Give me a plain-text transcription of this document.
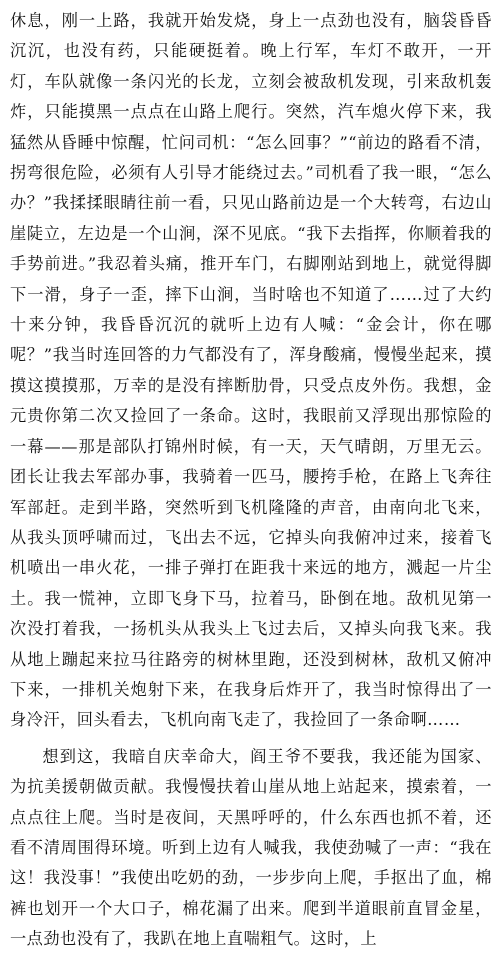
休息，刚一上路，我就开始发烧，身上一点劲也没有，脑袋昏昏沉沉，也没有药，只能硬挺着。晚上行军，车灯不敢开，一开灯，车队就像一条闪光的长龙，立刻会被敌机发现，引来敌机轰炸，只能摸黑一点点在山路上爬行。突然，汽车熄火停下来，我猛然从昏睡中惊醒，忙问司机：“怎么回事？”“前边的路看不清，拐弯很危险，必须有人引导才能绕过去。”司机看了我一眼，“怎么办？”我揉揉眼睛往前一看，只见山路前边是一个大转弯，右边山崖陡立，左边是一个山涧，深不见底。“我下去指挥，你顺着我的手势前进。”我忍着头痛，推开车门，右脚刚站到地上，就觉得脚下一滑，身子一歪，摔下山涧，当时啥也不知道了……过了大约十来分钟，我昏昏沉沉的就听上边有人喊：“金会计，你在哪呢？”我当时连回答的力气都没有了，浑身酸痛，慢慢坐起来，摸摸这摸摸那，万幸的是没有摔断肋骨，只受点皮外伤。我想，金元贵你第二次又捡回了一条命。这时，我眼前又浮现出那惊险的一幕——那是部队打锦州时候，有一天，天气晴朗，万里无云。团长让我去军部办事，我骑着一匹马，腰挎手枪，在路上飞奔往军部赶。走到半路，突然听到飞机隆隆的声音，由南向北飞来，从我头顶呼啸而过，飞出去不远，它掉头向我俯冲过来，接着飞机喷出一串火花，一排子弹打在距我十来远的地方，溅起一片尘土。我一慌神，立即飞身下马，拉着马，卧倒在地。敌机见第一次没打着我，一扬机头从我头上飞过去后，又掉头向我飞来。我从地上蹦起来拉马往路旁的树林里跑，还没到树林，敌机又俯冲下来，一排机关炮射下来，在我身后炸开了，我当时惊得出了一身冷汗，回头看去，飞机向南飞走了，我捡回了一条命啊……

想到这，我暗自庆幸命大，阎王爷不要我，我还能为国家、为抗美援朝做贡献。我慢慢扶着山崖从地上站起来，摸索着，一点点往上爬。当时是夜间，天黑呼呼的，什么东西也抓不着，还看不清周围得环境。听到上边有人喊我，我使劲喊了一声：“我在这！我没事！”我使出吃奶的劲，一步步向上爬，手抠出了血，棉裤也划开一个大口子，棉花漏了出来。爬到半道眼前直冒金星，一点劲也没有了，我趴在地上直喘粗气。这时，上
